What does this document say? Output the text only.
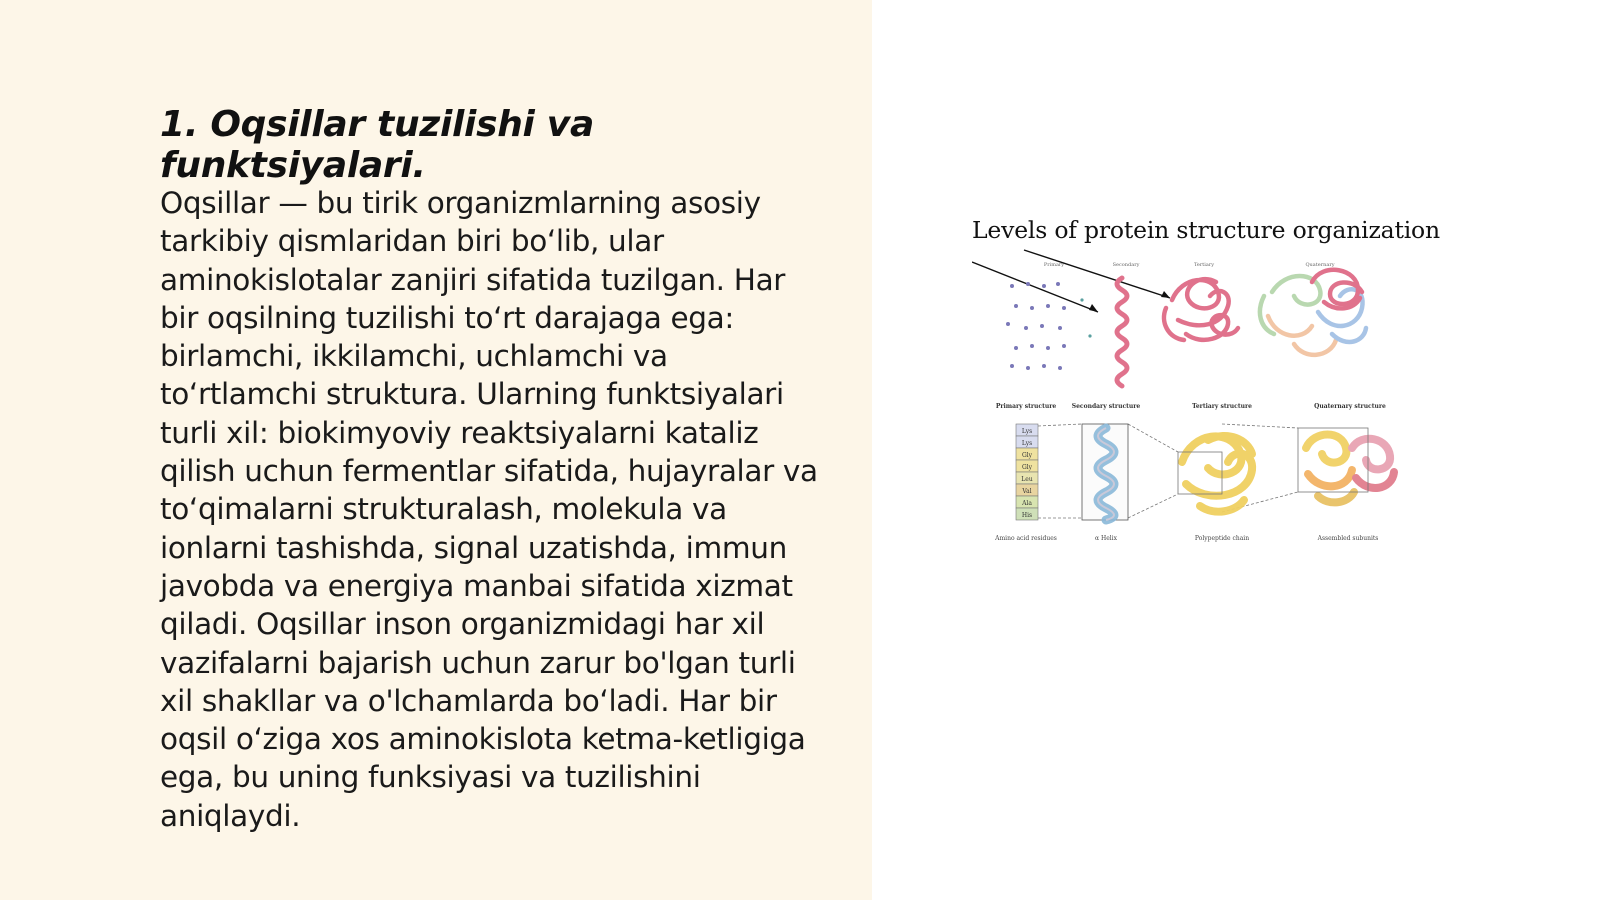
1. Oqsillar tuzilishi va funktsiyalari.

Oqsillar — bu tirik organizmlarning asosiy tarkibiy qismlaridan biri bo‘lib, ular aminokislotalar zanjiri sifatida tuzilgan. Har bir oqsilning tuzilishi to‘rt darajaga ega: birlamchi, ikkilamchi, uchlamchi va to‘rtlamchi struktura. Ularning funktsiyalari turli xil: biokimyoviy reaktsiyalarni kataliz qilish uchun fermentlar sifatida, hujayralar va to‘qimalarni strukturalash, molekula va ionlarni tashishda, signal uzatishda, immun javobda va energiya manbai sifatida xizmat qiladi. Oqsillar inson organizmidagi har xil vazifalarni bajarish uchun zarur bo'lgan turli xil shakllar va o'lchamlarda bo‘ladi. Har bir oqsil o‘ziga xos aminokislota ketma-ketligiga ega, bu uning funksiyasi va tuzilishini aniqlaydi.

Levels of protein structure organization
Primary	Secondary	Tertiary	Quaternary
Primary structure	Secondary structure	Tertiary structure	Quaternary structure
Lys
Lys
Gly
Gly
Leu
Val
Ala
His
Amino acid residues	α Helix	Polypeptide chain	Assembled subunits
